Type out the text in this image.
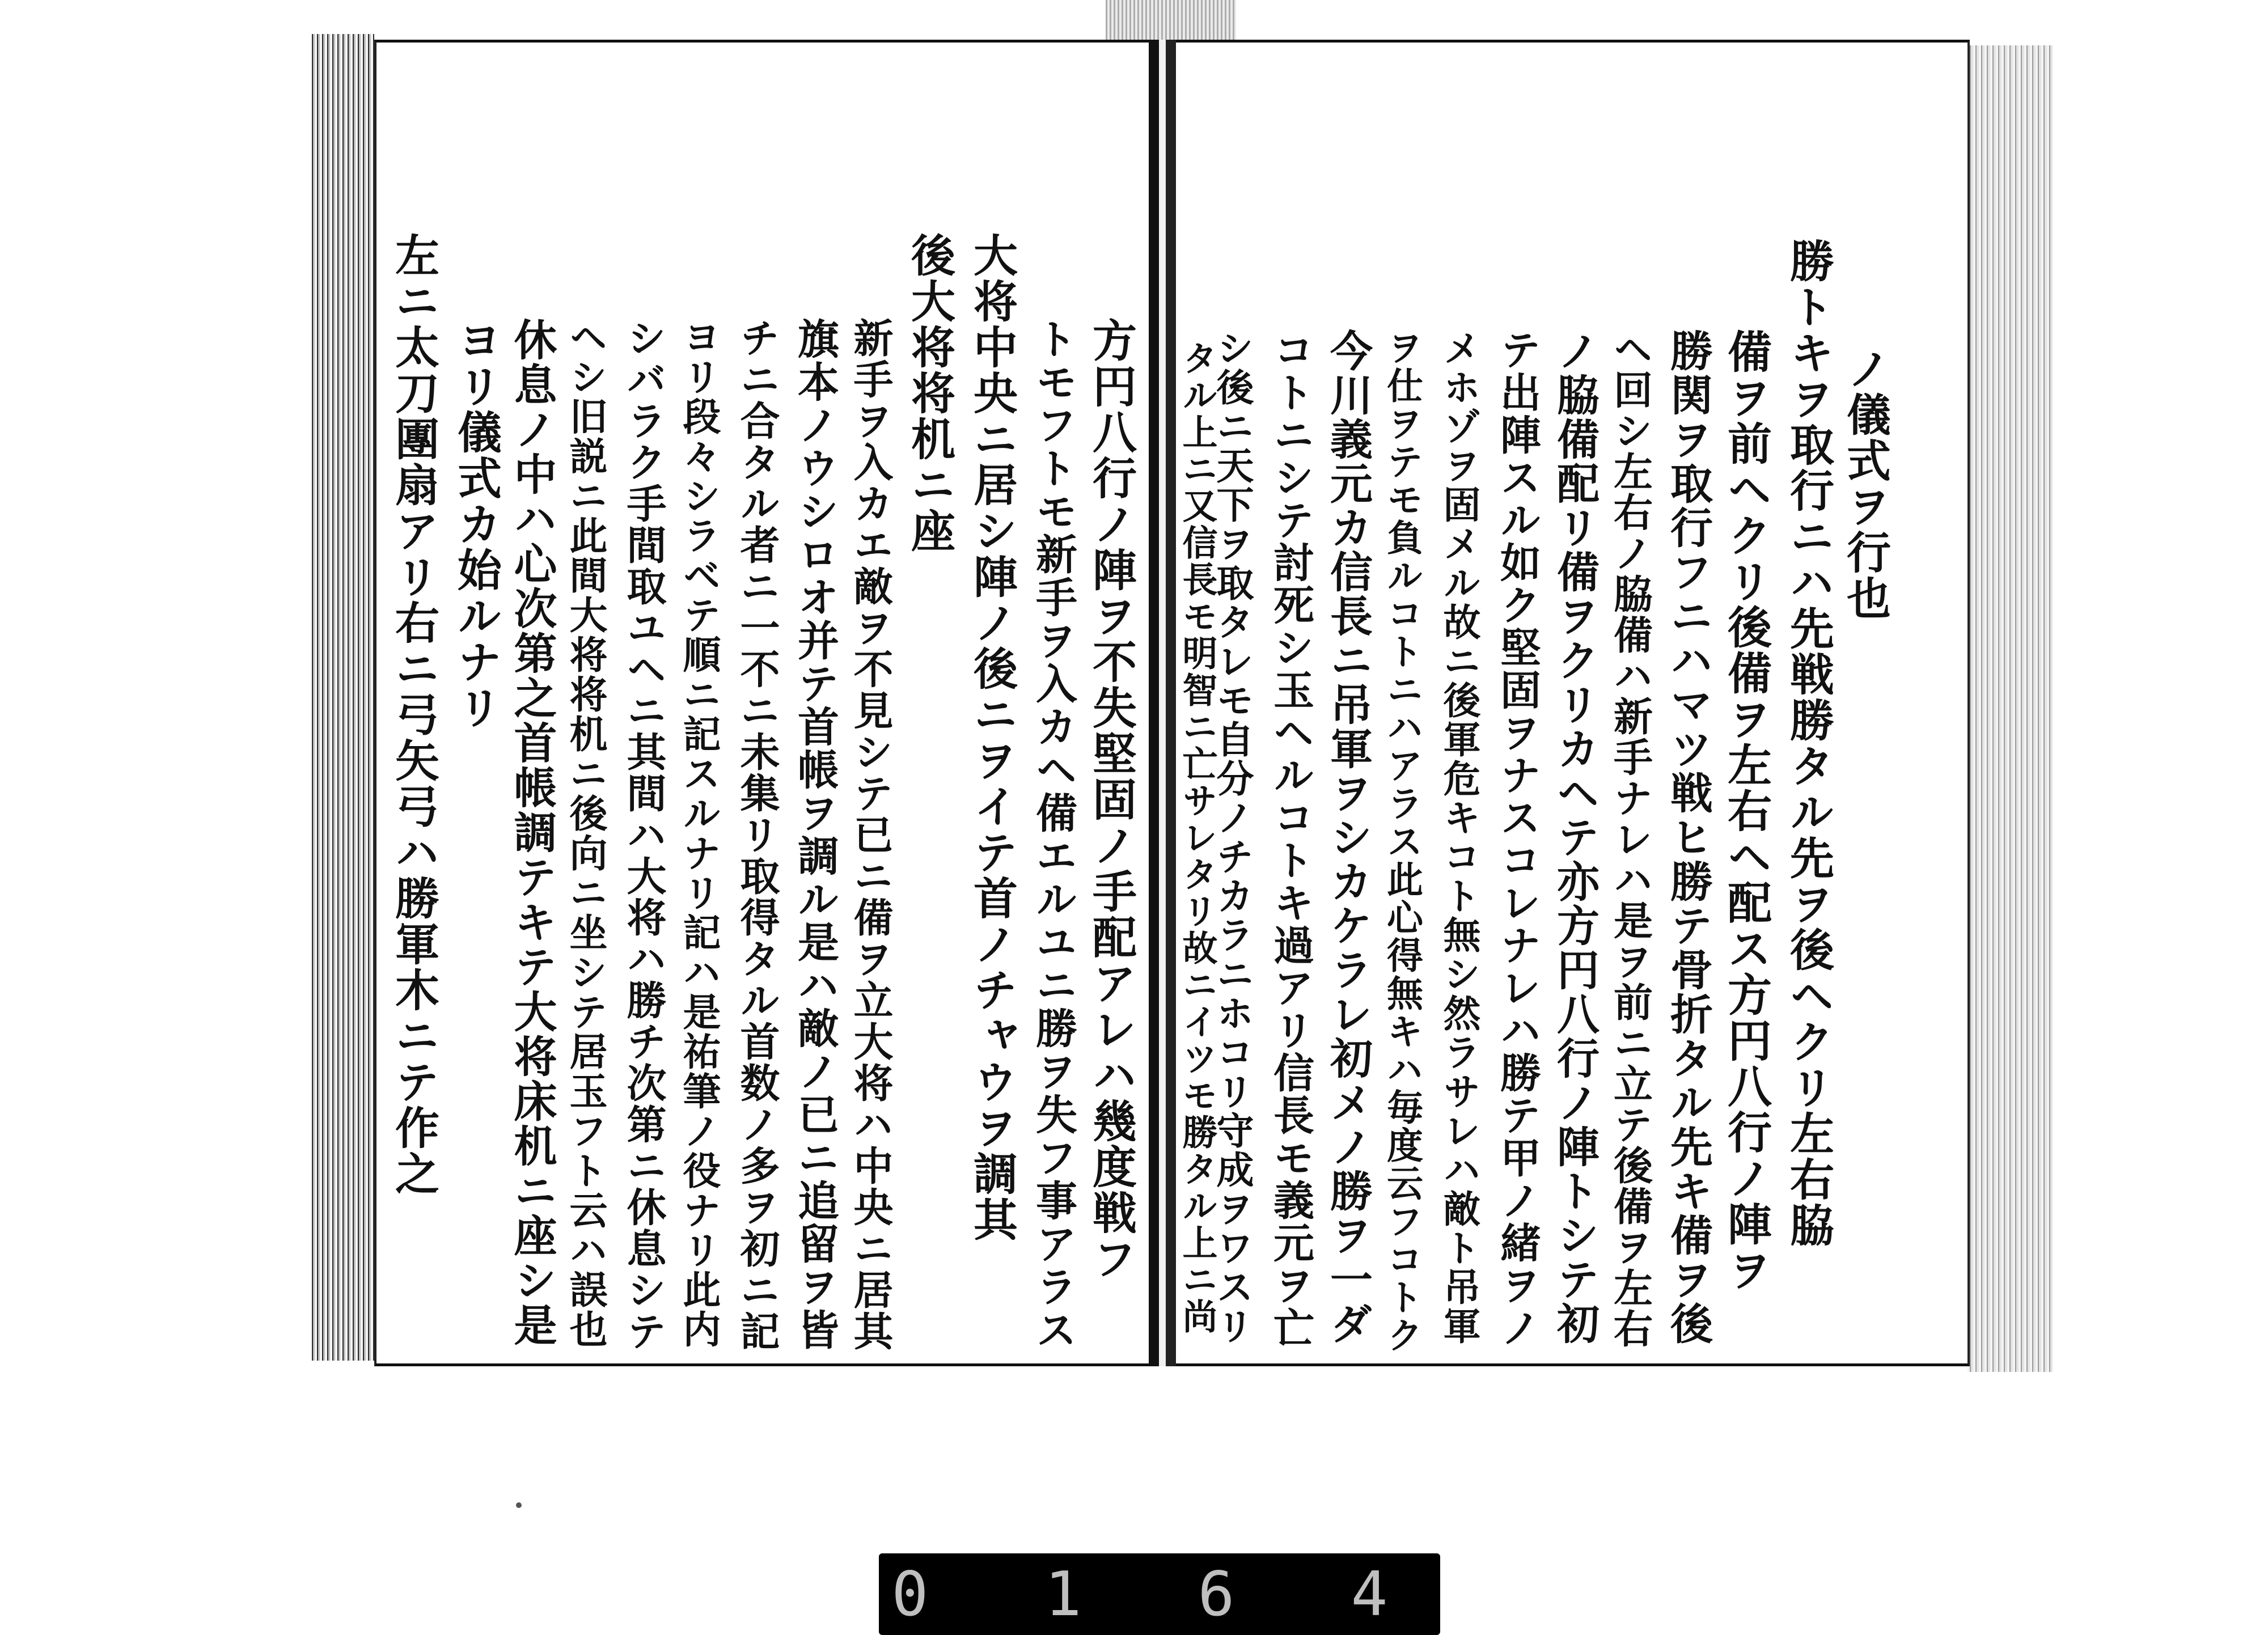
ノ儀式ヲ行也
勝トキヲ取行ニハ先戦勝タル先ヲ後ヘクリ左右脇
備ヲ前ヘクリ後備ヲ左右ヘ配ス方円八行ノ陣ヲ
勝関ヲ取行フニハマツ戦ヒ勝テ骨折タル先キ備ヲ後
ヘ回シ左右ノ脇備ハ新手ナレハ是ヲ前ニ立テ後備ヲ左右
ノ脇備配リ備ヲクリカヘテ亦方円八行ノ陣トシテ初
テ出陣スル如ク堅固ヲナスコレナレハ勝テ甲ノ緒ヲノ
メホゾヲ固メル故ニ後軍危キコト無シ然ラサレハ敵ト吊軍
ヲ仕ヲテモ負ルコトニハアラス此心得無キハ毎度云フコトク
今川義元カ信長ニ吊軍ヲシカケラレ初メノ勝ヲ一ダ
コトニシテ討死シ玉ヘルコトキ過アリ信長モ義元ヲ亡
シ後ニ天下ヲ取タレモ自分ノチカラニホコリ守成ヲワスリ
タル上ニ又信長モ明智ニ亡サレタリ故ニイツモ勝タル上ニ尚
方円八行ノ陣ヲ不失堅固ノ手配アレハ幾度戦フ
トモフトモ新手ヲ入カヘ備エルユニ勝ヲ失フ事アラス
大将中央ニ居シ陣ノ後ニヲイテ首ノチャウヲ調其
後大将将机ニ座
新手ヲ入カエ敵ヲ不見シテ已ニ備ヲ立大将ハ中央ニ居其
旗本ノウシロオ并テ首帳ヲ調ル是ハ敵ノ已ニ追留ヲ皆
チニ合タル者ニ一不ニ未集リ取得タル首数ノ多ヲ初ニ記
ヨリ段々シラベテ順ニ記スルナリ記ハ是祐筆ノ役ナリ此内
シバラク手間取ユヘニ其間ハ大将ハ勝チ次第ニ休息シテ
ヘシ旧説ニ此間大将将机ニ後向ニ坐シテ居玉フト云ハ誤也
休息ノ中ハ心次第之首帳調テキテ大将床机ニ座シ是
ヨリ儀式カ始ルナリ
左ニ太刀團扇アリ右ニ弓矢弓ハ勝軍木ニテ作之
0 1 6 4
